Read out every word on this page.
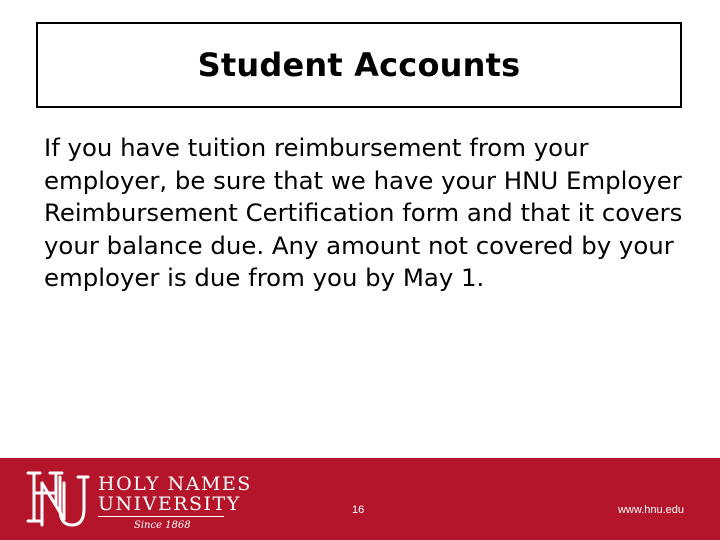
Student Accounts

If you have tuition reimbursement from your employer, be sure that we have your HNU Employer Reimbursement Certification form and that it covers your balance due. Any amount not covered by your employer is due from you by May 1.

HOLY NAMES
UNIVERSITY
Since 1868
16	www.hnu.edu
